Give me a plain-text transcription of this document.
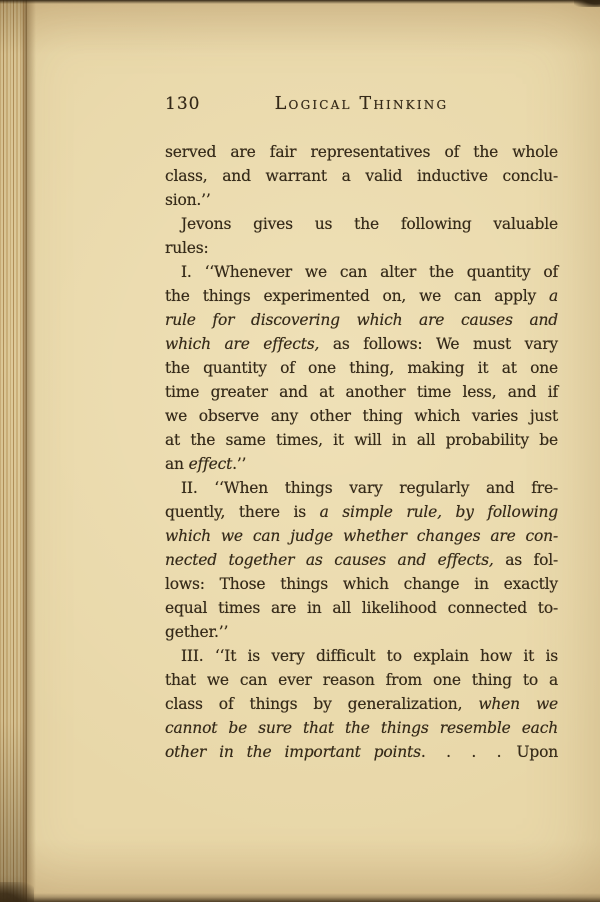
130	Logical Thinking
served are fair representatives of the whole
class, and warrant a valid inductive conclu-
sion.’’
Jevons gives us the following valuable
rules:
I. ‘‘Whenever we can alter the quantity of
the things experimented on, we can apply a
rule for discovering which are causes and
which are effects, as follows: We must vary
the quantity of one thing, making it at one
time greater and at another time less, and if
we observe any other thing which varies just
at the same times, it will in all probability be
an effect.’’
II. ‘‘When things vary regularly and fre-
quently, there is a simple rule, by following
which we can judge whether changes are con-
nected together as causes and effects, as fol-
lows: Those things which change in exactly
equal times are in all likelihood connected to-
gether.’’
III. ‘‘It is very difficult to explain how it is
that we can ever reason from one thing to a
class of things by generalization, when we
cannot be sure that the things resemble each
other in the important points.  .  .  .  Upon
